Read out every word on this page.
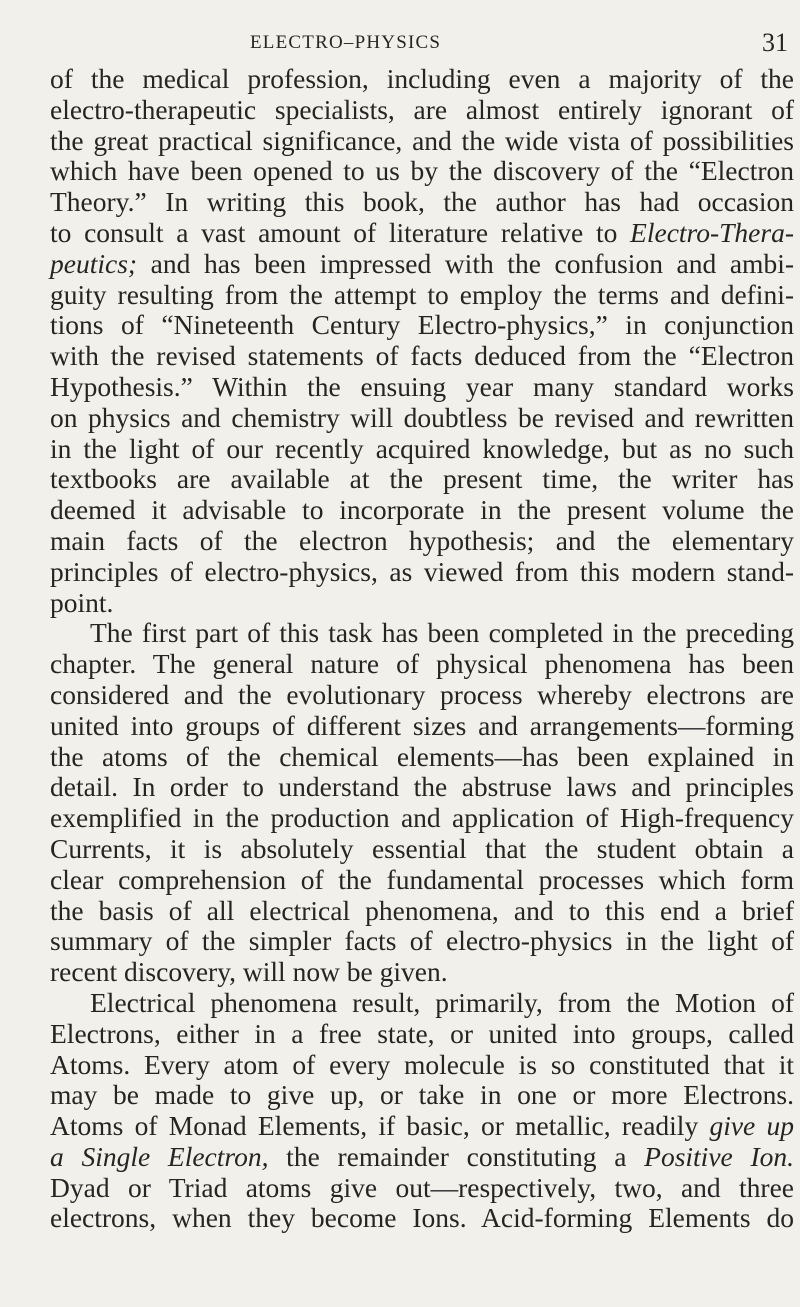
ELECTRO–PHYSICS	31
of the medical profession, including even a majority of the
electro-therapeutic specialists, are almost entirely ignorant of
the great practical significance, and the wide vista of possibilities
which have been opened to us by the discovery of the “Electron
Theory.” In writing this book, the author has had occasion
to consult a vast amount of literature relative to Electro-Thera-
peutics; and has been impressed with the confusion and ambi-
guity resulting from the attempt to employ the terms and defini-
tions of “Nineteenth Century Electro-physics,” in conjunction
with the revised statements of facts deduced from the “Electron
Hypothesis.” Within the ensuing year many standard works
on physics and chemistry will doubtless be revised and rewritten
in the light of our recently acquired knowledge, but as no such
textbooks are available at the present time, the writer has
deemed it advisable to incorporate in the present volume the
main facts of the electron hypothesis; and the elementary
principles of electro-physics, as viewed from this modern stand-
point.
The first part of this task has been completed in the preceding
chapter. The general nature of physical phenomena has been
considered and the evolutionary process whereby electrons are
united into groups of different sizes and arrangements—forming
the atoms of the chemical elements—has been explained in
detail. In order to understand the abstruse laws and principles
exemplified in the production and application of High-frequency
Currents, it is absolutely essential that the student obtain a
clear comprehension of the fundamental processes which form
the basis of all electrical phenomena, and to this end a brief
summary of the simpler facts of electro-physics in the light of
recent discovery, will now be given.
Electrical phenomena result, primarily, from the Motion of
Electrons, either in a free state, or united into groups, called
Atoms. Every atom of every molecule is so constituted that it
may be made to give up, or take in one or more Electrons.
Atoms of Monad Elements, if basic, or metallic, readily give up
a Single Electron, the remainder constituting a Positive Ion.
Dyad or Triad atoms give out—respectively, two, and three
electrons, when they become Ions. Acid-forming Elements do
